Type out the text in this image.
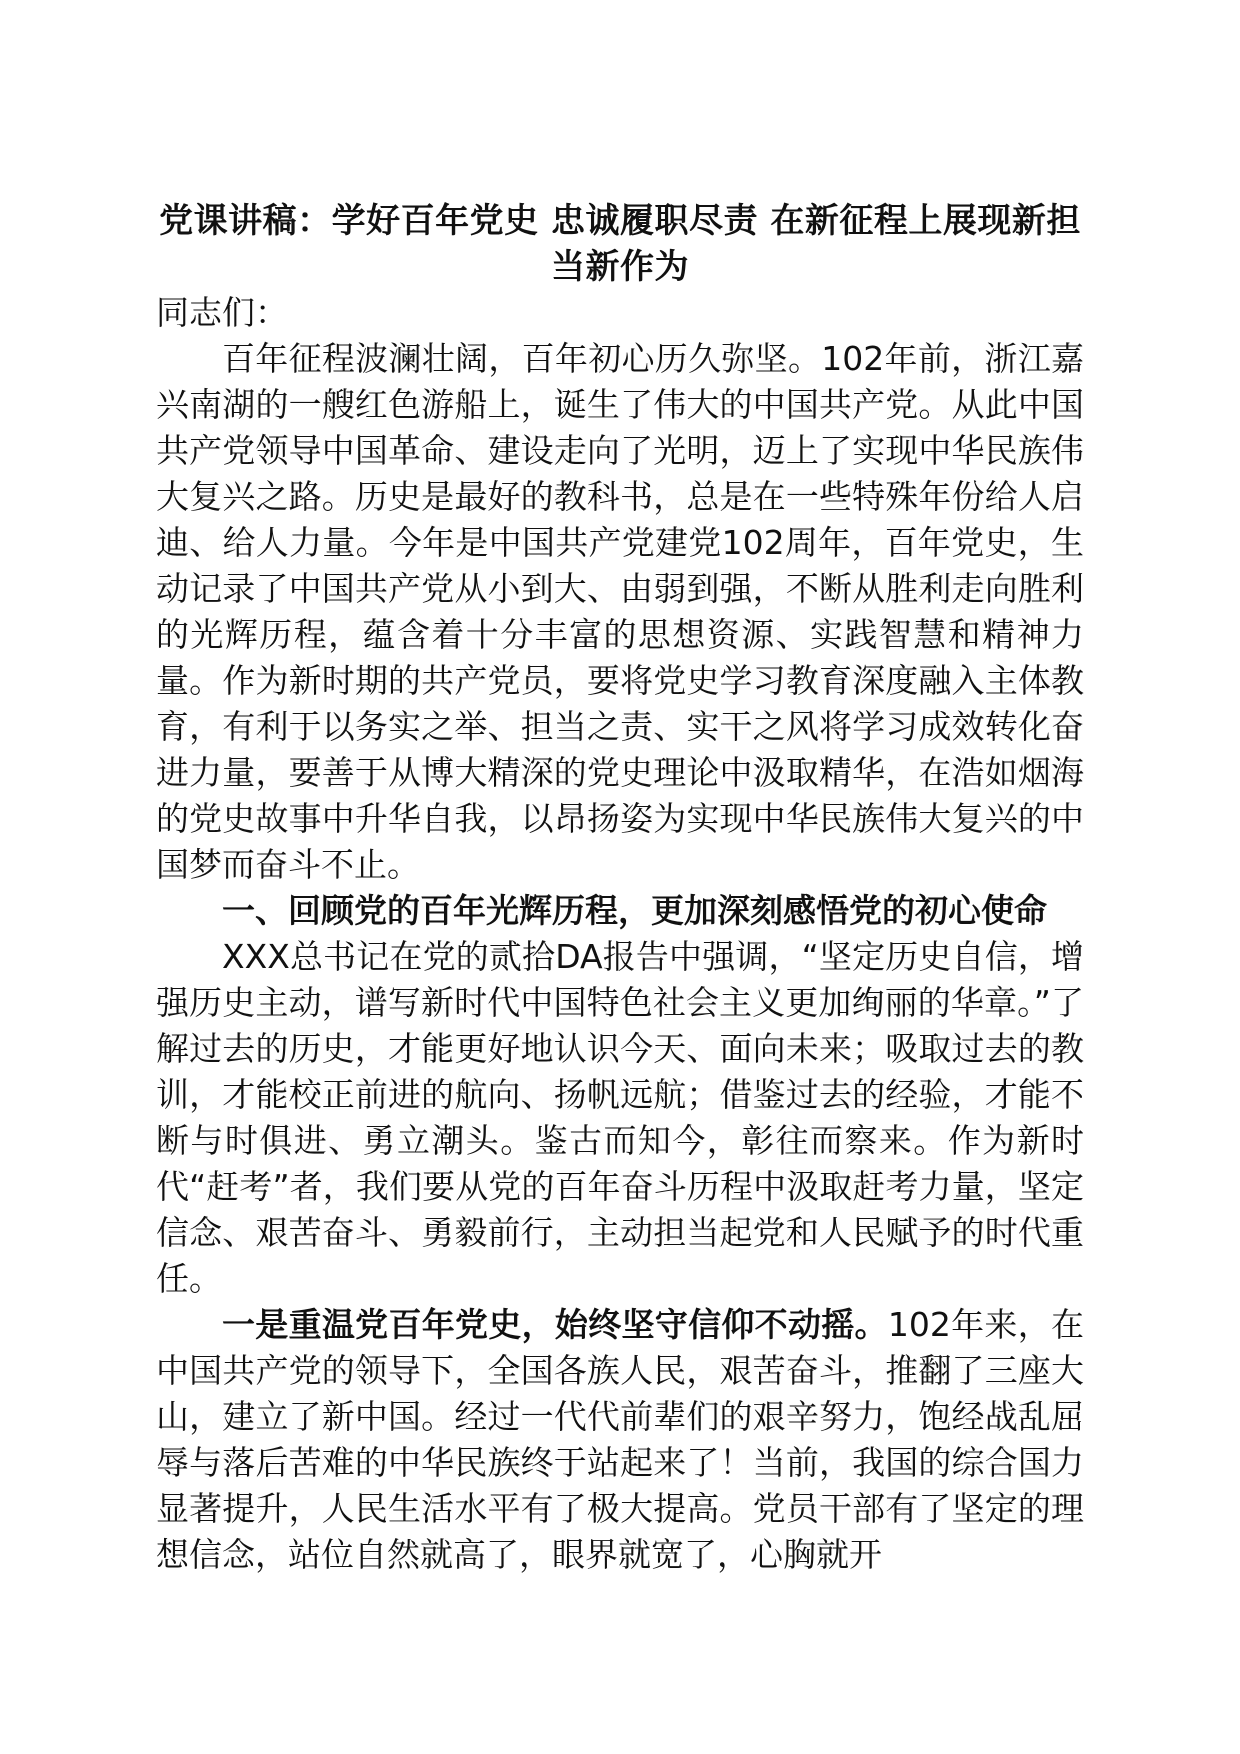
党课讲稿：学好百年党史 忠诚履职尽责 在新征程上展现新担当新作为

同志们：

百年征程波澜壮阔，百年初心历久弥坚。102年前，浙江嘉兴南湖的一艘红色游船上，诞生了伟大的中国共产党。从此中国共产党领导中国革命、建设走向了光明，迈上了实现中华民族伟大复兴之路。历史是最好的教科书，总是在一些特殊年份给人启迪、给人力量。今年是中国共产党建党102周年，百年党史，生动记录了中国共产党从小到大、由弱到强，不断从胜利走向胜利的光辉历程，蕴含着十分丰富的思想资源、实践智慧和精神力量。作为新时期的共产党员，要将党史学习教育深度融入主体教育，有利于以务实之举、担当之责、实干之风将学习成效转化奋进力量，要善于从博大精深的党史理论中汲取精华，在浩如烟海的党史故事中升华自我，以昂扬姿为实现中华民族伟大复兴的中国梦而奋斗不止。

一、回顾党的百年光辉历程，更加深刻感悟党的初心使命

XXX总书记在党的贰拾DA报告中强调，“坚定历史自信，增强历史主动，谱写新时代中国特色社会主义更加绚丽的华章。”了解过去的历史，才能更好地认识今天、面向未来；吸取过去的教训，才能校正前进的航向、扬帆远航；借鉴过去的经验，才能不断与时俱进、勇立潮头。鉴古而知今，彰往而察来。作为新时代“赶考”者，我们要从党的百年奋斗历程中汲取赶考力量，坚定信念、艰苦奋斗、勇毅前行，主动担当起党和人民赋予的时代重任。

一是重温党百年党史，始终坚守信仰不动摇。102年来，在中国共产党的领导下，全国各族人民，艰苦奋斗，推翻了三座大山，建立了新中国。经过一代代前辈们的艰辛努力，饱经战乱屈辱与落后苦难的中华民族终于站起来了！当前，我国的综合国力显著提升，人民生活水平有了极大提高。党员干部有了坚定的理想信念，站位自然就高了，眼界就宽了，心胸就开
